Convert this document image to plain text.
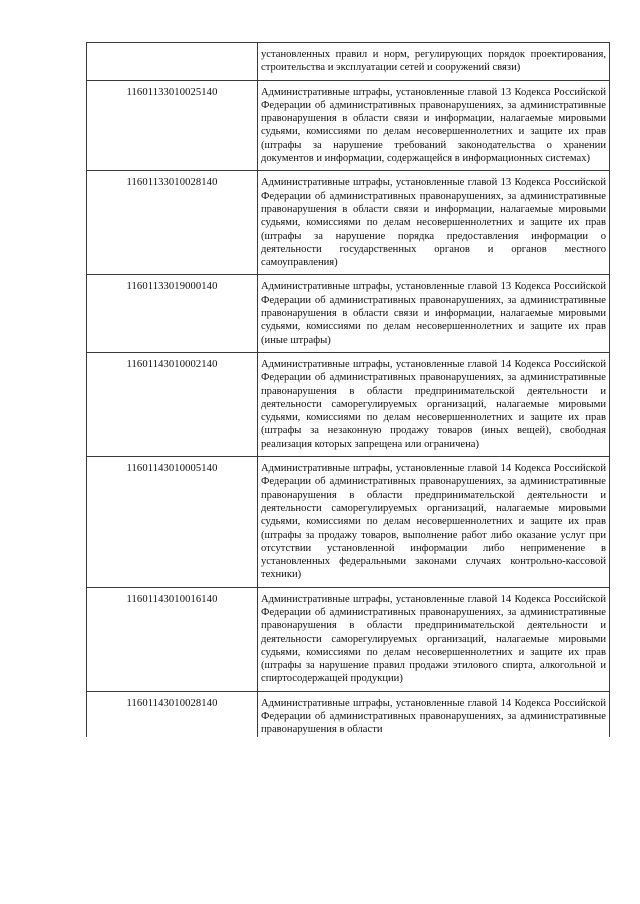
	установленных правил и норм, регулирующих порядок проектирования, строительства и эксплуатации сетей и сооружений связи)
11601133010025140	Административные штрафы, установленные главой 13 Кодекса Российской Федерации об административных правонарушениях, за административные правонарушения в области связи и информации, налагаемые мировыми судьями, комиссиями по делам несовершеннолетних и защите их прав (штрафы за нарушение требований законодательства о хранении документов и информации, содержащейся в информационных системах)
11601133010028140	Административные штрафы, установленные главой 13 Кодекса Российской Федерации об административных правонарушениях, за административные правонарушения в области связи и информации, налагаемые мировыми судьями, комиссиями по делам несовершеннолетних и защите их прав (штрафы за нарушение порядка предоставления информации о деятельности государственных органов и органов местного самоуправления)
11601133019000140	Административные штрафы, установленные главой 13 Кодекса Российской Федерации об административных правонарушениях, за административные правонарушения в области связи и информации, налагаемые мировыми судьями, комиссиями по делам несовершеннолетних и защите их прав (иные штрафы)
11601143010002140	Административные штрафы, установленные главой 14 Кодекса Российской Федерации об административных правонарушениях, за административные правонарушения в области предпринимательской деятельности и деятельности саморегулируемых организаций, налагаемые мировыми судьями, комиссиями по делам несовершеннолетних и защите их прав (штрафы за незаконную продажу товаров (иных вещей), свободная реализация которых запрещена или ограничена)
11601143010005140	Административные штрафы, установленные главой 14 Кодекса Российской Федерации об административных правонарушениях, за административные правонарушения в области предпринимательской деятельности и деятельности саморегулируемых организаций, налагаемые мировыми судьями, комиссиями по делам несовершеннолетних и защите их прав (штрафы за продажу товаров, выполнение работ либо оказание услуг при отсутствии установленной информации либо неприменение в установленных федеральными законами случаях контрольно-кассовой техники)
11601143010016140	Административные штрафы, установленные главой 14 Кодекса Российской Федерации об административных правонарушениях, за административные правонарушения в области предпринимательской деятельности и деятельности саморегулируемых организаций, налагаемые мировыми судьями, комиссиями по делам несовершеннолетних и защите их прав (штрафы за нарушение правил продажи этилового спирта, алкогольной и спиртосодержащей продукции)
11601143010028140	Административные штрафы, установленные главой 14 Кодекса Российской Федерации об административных правонарушениях, за административные правонарушения в области
